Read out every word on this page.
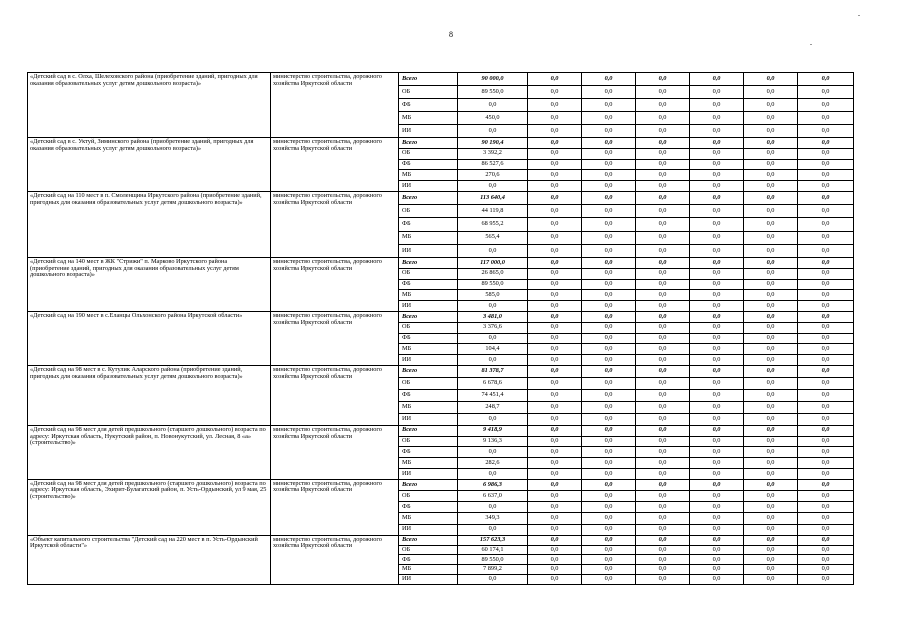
8
«Детский сад в с. Олха, Шелеховского района (приобретение зданий, пригодных для оказания образовательных услуг детям дошкольного возраста)»	министерство строительства, дорожного хозяйства Иркутской области	Всего	90 000,0	0,0	0,0	0,0	0,0	0,0	0,0
		ОБ	89 550,0	0,0	0,0	0,0	0,0	0,0	0,0
		ФБ	0,0	0,0	0,0	0,0	0,0	0,0	0,0
		МБ	450,0	0,0	0,0	0,0	0,0	0,0	0,0
		ИИ	0,0	0,0	0,0	0,0	0,0	0,0	0,0
«Детский сад в с. Уктуй, Зиминского района (приобретение зданий, пригодных для оказания образовательных услуг детям дошкольного возраста)»	министерство строительства, дорожного хозяйства Иркутской области	Всего	90 190,4	0,0	0,0	0,0	0,0	0,0	0,0
		ОБ	3 392,2	0,0	0,0	0,0	0,0	0,0	0,0
		ФБ	86 527,6	0,0	0,0	0,0	0,0	0,0	0,0
		МБ	270,6	0,0	0,0	0,0	0,0	0,0	0,0
		ИИ	0,0	0,0	0,0	0,0	0,0	0,0	0,0
«Детский сад на 110 мест в п. Смоленщина Иркутского района (приобретение зданий, пригодных для оказания образовательных услуг детям дошкольного возраста)»	министерство строительства, дорожного хозяйства Иркутской области	Всего	113 640,4	0,0	0,0	0,0	0,0	0,0	0,0
		ОБ	44 119,8	0,0	0,0	0,0	0,0	0,0	0,0
		ФБ	68 955,2	0,0	0,0	0,0	0,0	0,0	0,0
		МБ	565,4	0,0	0,0	0,0	0,0	0,0	0,0
		ИИ	0,0	0,0	0,0	0,0	0,0	0,0	0,0
«Детский сад на 140 мест в ЖК "Стрижи" п. Марково Иркутского района (приобретение зданий, пригодных для оказания образовательных услуг детям дошкольного возраста)»	министерство строительства, дорожного хозяйства Иркутской области	Всего	117 000,0	0,0	0,0	0,0	0,0	0,0	0,0
		ОБ	26 865,0	0,0	0,0	0,0	0,0	0,0	0,0
		ФБ	89 550,0	0,0	0,0	0,0	0,0	0,0	0,0
		МБ	585,0	0,0	0,0	0,0	0,0	0,0	0,0
		ИИ	0,0	0,0	0,0	0,0	0,0	0,0	0,0
«Детский сад на 190 мест в с.Еланцы Ольхонского района Иркутской области»	министерство строительства, дорожного хозяйства Иркутской области	Всего	3 481,0	0,0	0,0	0,0	0,0	0,0	0,0
		ОБ	3 376,6	0,0	0,0	0,0	0,0	0,0	0,0
		ФБ	0,0	0,0	0,0	0,0	0,0	0,0	0,0
		МБ	104,4	0,0	0,0	0,0	0,0	0,0	0,0
		ИИ	0,0	0,0	0,0	0,0	0,0	0,0	0,0
«Детский сад на 98 мест в с. Кутулик Аларского района (приобретение зданий, пригодных для оказания образовательных услуг детям дошкольного возраста)»	министерство строительства, дорожного хозяйства Иркутской области	Всего	81 378,7	0,0	0,0	0,0	0,0	0,0	0,0
		ОБ	6 678,6	0,0	0,0	0,0	0,0	0,0	0,0
		ФБ	74 451,4	0,0	0,0	0,0	0,0	0,0	0,0
		МБ	248,7	0,0	0,0	0,0	0,0	0,0	0,0
		ИИ	0,0	0,0	0,0	0,0	0,0	0,0	0,0
«Детский сад на 98 мест для детей предшкольного (старшего дошкольного) возраста по адресу: Иркутская область, Нукутский район, п. Новонукутский, ул. Лесная, 8 «а» (строительство)»	министерство строительства, дорожного хозяйства Иркутской области	Всего	9 418,9	0,0	0,0	0,0	0,0	0,0	0,0
		ОБ	9 136,3	0,0	0,0	0,0	0,0	0,0	0,0
		ФБ	0,0	0,0	0,0	0,0	0,0	0,0	0,0
		МБ	282,6	0,0	0,0	0,0	0,0	0,0	0,0
		ИИ	0,0	0,0	0,0	0,0	0,0	0,0	0,0
«Детский сад на 98 мест для детей предшкольного (старшего дошкольного) возраста по адресу: Иркутская область, Эхирит-Булагатский район, п. Усть-Ордынский, ул 9 мая, 25 (строительство)»	министерство строительства, дорожного хозяйства Иркутской области	Всего	6 986,3	0,0	0,0	0,0	0,0	0,0	0,0
		ОБ	6 637,0	0,0	0,0	0,0	0,0	0,0	0,0
		ФБ	0,0	0,0	0,0	0,0	0,0	0,0	0,0
		МБ	349,3	0,0	0,0	0,0	0,0	0,0	0,0
		ИИ	0,0	0,0	0,0	0,0	0,0	0,0	0,0
«Объект капитального строительства "Детский сад на 220 мест в п. Усть-Ордынский Иркутской области"»	министерство строительства, дорожного хозяйства Иркутской области	Всего	157 623,3	0,0	0,0	0,0	0,0	0,0	0,0
		ОБ	60 174,1	0,0	0,0	0,0	0,0	0,0	0,0
		ФБ	89 550,0	0,0	0,0	0,0	0,0	0,0	0,0
		МБ	7 899,2	0,0	0,0	0,0	0,0	0,0	0,0
		ИИ	0,0	0,0	0,0	0,0	0,0	0,0	0,0
